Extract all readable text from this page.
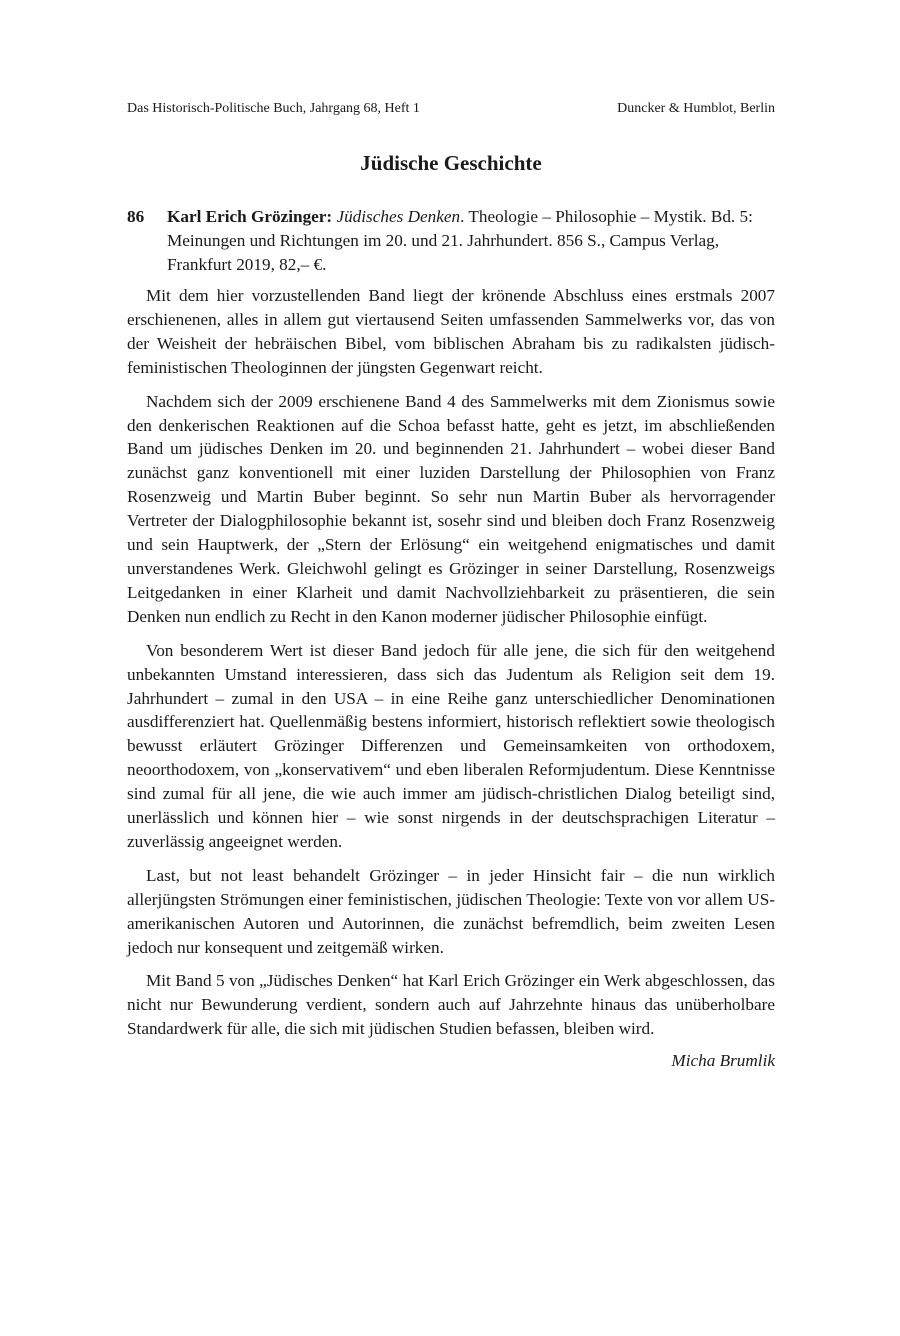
Das Historisch-Politische Buch, Jahrgang 68, Heft 1	Duncker & Humblot, Berlin
Jüdische Geschichte
86 Karl Erich Grözinger: Jüdisches Denken. Theologie – Philosophie – Mystik. Bd. 5: Meinungen und Richtungen im 20. und 21. Jahrhundert. 856 S., Campus Verlag, Frankfurt 2019, 82,– €.

Mit dem hier vorzustellenden Band liegt der krönende Abschluss eines erstmals 2007 erschienenen, alles in allem gut viertausend Seiten umfassenden Sammelwerks vor, das von der Weisheit der hebräischen Bibel, vom biblischen Abraham bis zu radikalsten jüdisch-feministischen Theologinnen der jüngsten Gegenwart reicht.

Nachdem sich der 2009 erschienene Band 4 des Sammelwerks mit dem Zionismus sowie den denkerischen Reaktionen auf die Schoa befasst hatte, geht es jetzt, im abschließenden Band um jüdisches Denken im 20. und beginnenden 21. Jahrhundert – wobei dieser Band zunächst ganz konventionell mit einer luziden Darstellung der Philosophien von Franz Rosenzweig und Martin Buber beginnt. So sehr nun Martin Buber als hervorragender Vertreter der Dialogphilosophie bekannt ist, sosehr sind und bleiben doch Franz Rosenzweig und sein Hauptwerk, der „Stern der Erlösung“ ein weitgehend enigmatisches und damit unverstandenes Werk. Gleichwohl gelingt es Grözinger in seiner Darstellung, Rosenzweigs Leitgedanken in einer Klarheit und damit Nachvollziehbarkeit zu präsentieren, die sein Denken nun endlich zu Recht in den Kanon moderner jüdischer Philosophie einfügt.

Von besonderem Wert ist dieser Band jedoch für alle jene, die sich für den weitgehend unbekannten Umstand interessieren, dass sich das Judentum als Religion seit dem 19. Jahrhundert – zumal in den USA – in eine Reihe ganz unterschiedlicher Denominationen ausdifferenziert hat. Quellenmäßig bestens informiert, historisch reflektiert sowie theologisch bewusst erläutert Grözinger Differenzen und Gemeinsamkeiten von orthodoxem, neoorthodoxem, von „konservativem“ und eben liberalen Reformjudentum. Diese Kenntnisse sind zumal für all jene, die wie auch immer am jüdisch-christlichen Dialog beteiligt sind, unerlässlich und können hier – wie sonst nirgends in der deutschsprachigen Literatur – zuverlässig angeeignet werden.

Last, but not least behandelt Grözinger – in jeder Hinsicht fair – die nun wirklich allerjüngsten Strömungen einer feministischen, jüdischen Theologie: Texte von vor allem US-amerikanischen Autoren und Autorinnen, die zunächst befremdlich, beim zweiten Lesen jedoch nur konsequent und zeitgemäß wirken.

Mit Band 5 von „Jüdisches Denken“ hat Karl Erich Grözinger ein Werk abgeschlossen, das nicht nur Bewunderung verdient, sondern auch auf Jahrzehnte hinaus das unüberholbare Standardwerk für alle, die sich mit jüdischen Studien befassen, bleiben wird.

Micha Brumlik
